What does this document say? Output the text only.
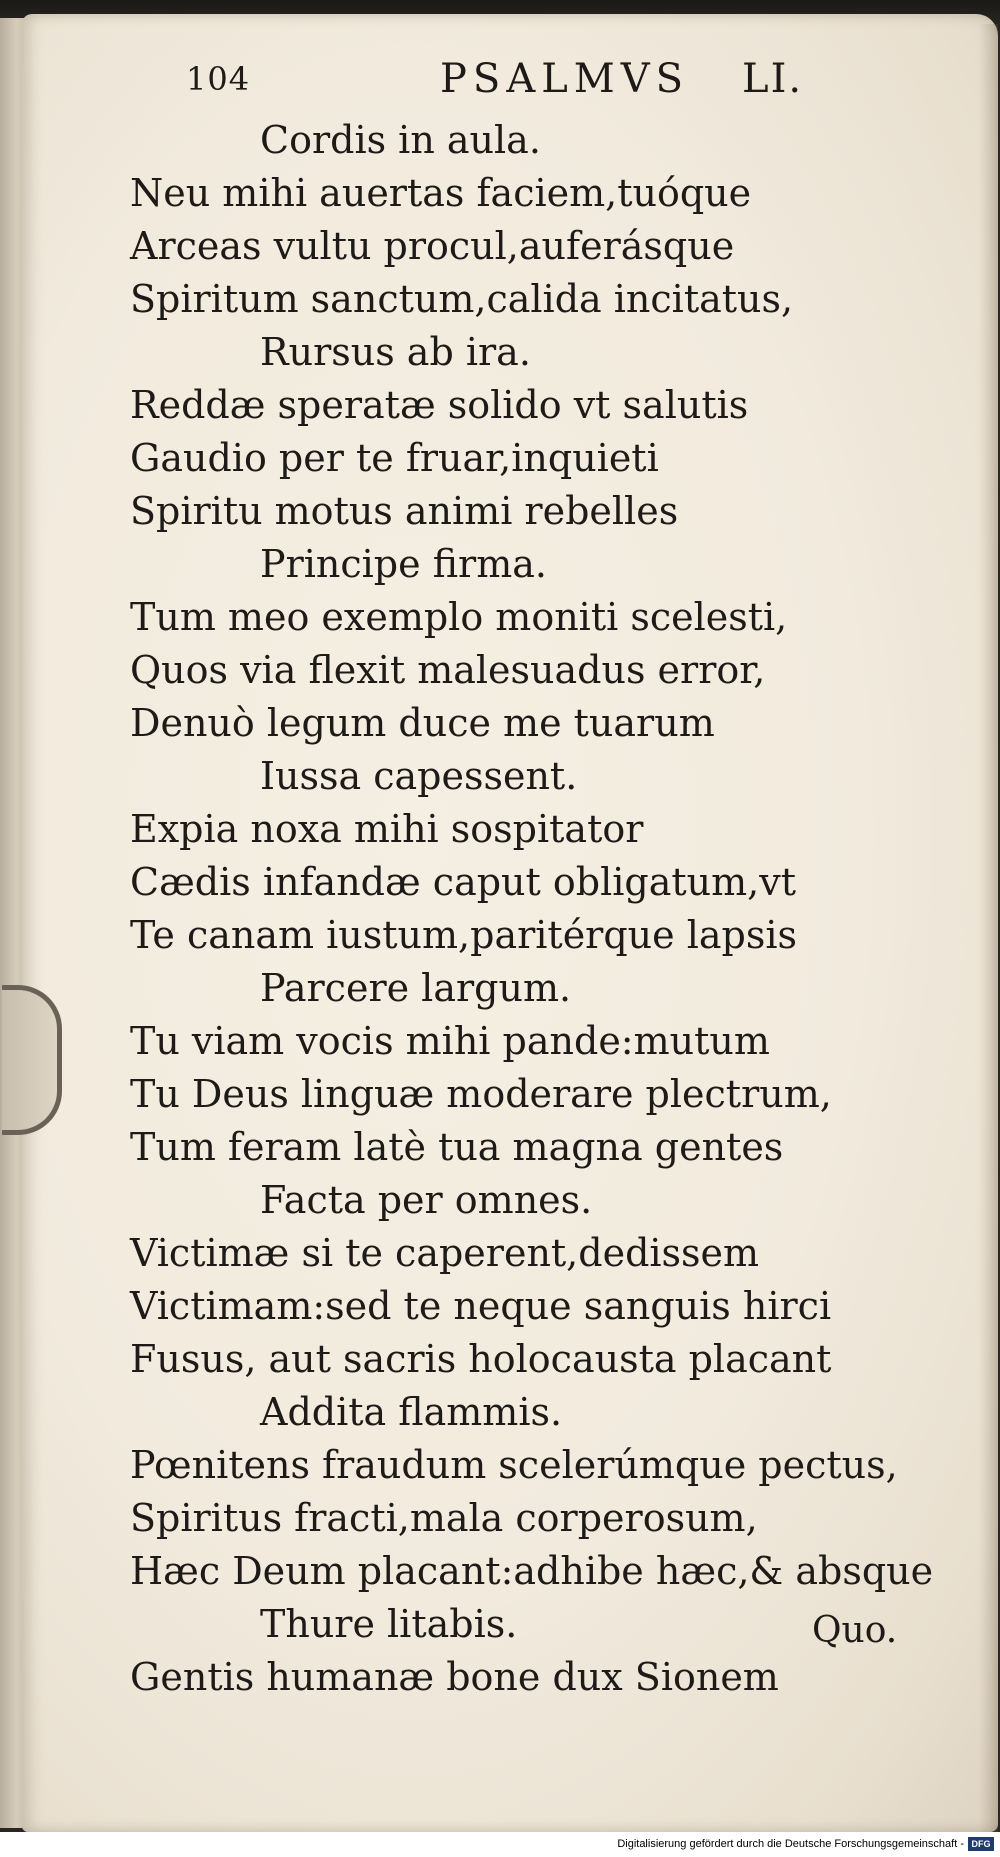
104	PSALMVS LI.
Cordis in aula.
Neu mihi auertas faciem,tuóque
Arceas vultu procul,auferásque
Spiritum sanctum,calida incitatus,
Rursus ab ira.
Reddæ speratæ solido vt salutis
Gaudio per te fruar,inquieti
Spiritu motus animi rebelles
Principe firma.
Tum meo exemplo moniti scelesti,
Quos via flexit malesuadus error,
Denuò legum duce me tuarum
Iussa capessent.
Expia noxa mihi sospitator
Cædis infandæ caput obligatum,vt
Te canam iustum,paritérque lapsis
Parcere largum.
Tu viam vocis mihi pande:mutum
Tu Deus linguæ moderare plectrum,
Tum feram latè tua magna gentes
Facta per omnes.
Victimæ si te caperent,dedissem
Victimam:sed te neque sanguis hirci
Fusus, aut sacris holocausta placant
Addita flammis.
Pœnitens fraudum scelerúmque pectus,
Spiritus fracti,mala corperosum,
Hæc Deum placant:adhibe hæc,& absque
Thure litabis.
Gentis humanæ bone dux Sionem
Quo.
Digitalisierung gefördert durch die Deutsche Forschungsgemeinschaft - DFG
